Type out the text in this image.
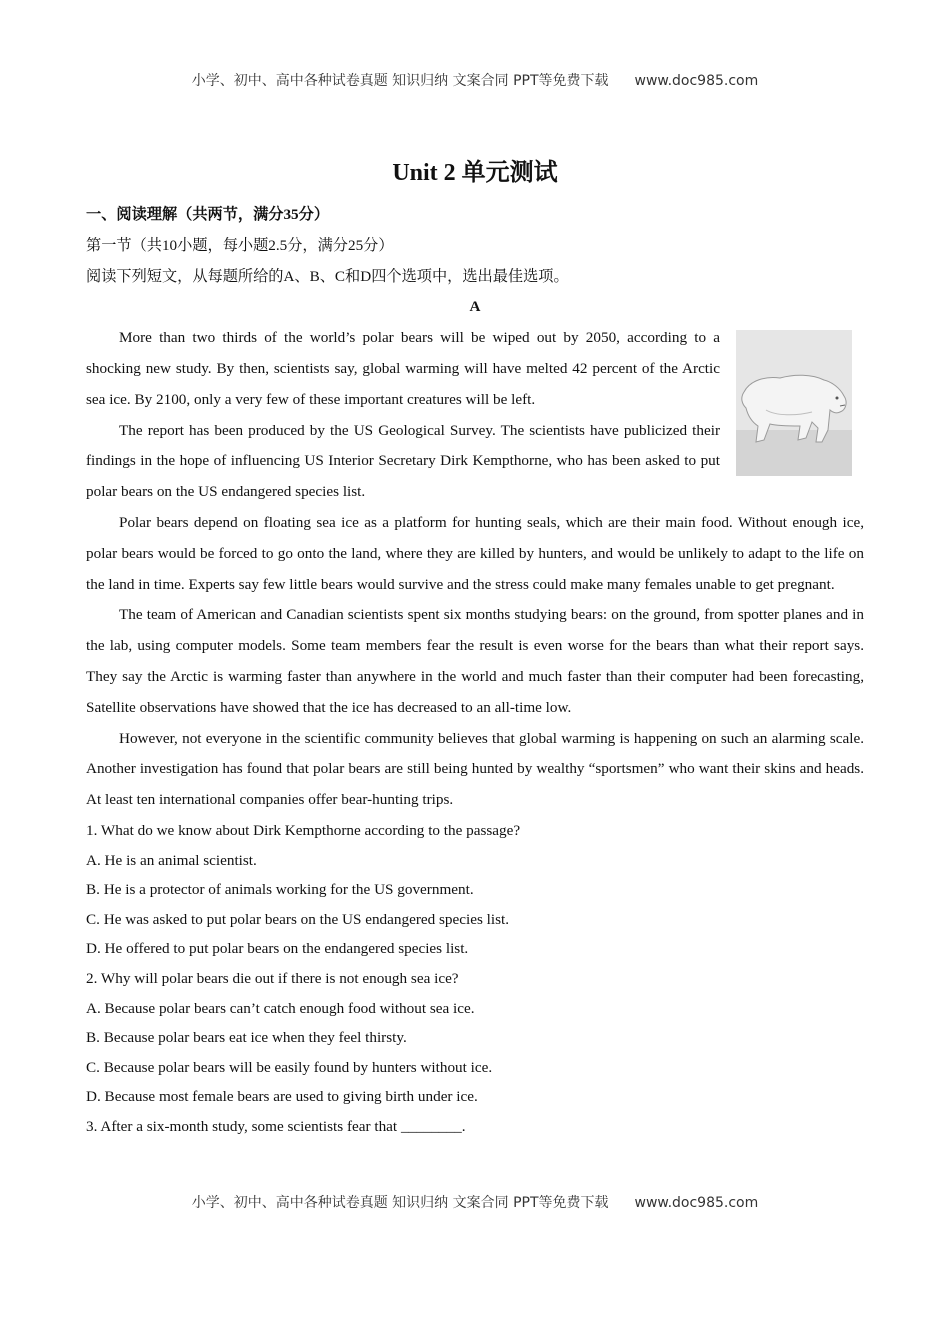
小学、初中、高中各种试卷真题 知识归纳 文案合同 PPT等免费下载 www.doc985.com
Unit 2 单元测试

一、阅读理解（共两节，满分35分）

第一节（共10小题，每小题2.5分，满分25分）

阅读下列短文，从每题所给的A、B、C和D四个选项中，选出最佳选项。

A

More than two thirds of the world’s polar bears will be wiped out by 2050, according to a shocking new study. By then, scientists say, global warming will have melted 42 percent of the Arctic sea ice. By 2100, only a very few of these important creatures will be left.

The report has been produced by the US Geological Survey. The scientists have publicized their findings in the hope of influencing US Interior Secretary Dirk Kempthorne, who has been asked to put polar bears on the US endangered species list.

Polar bears depend on floating sea ice as a platform for hunting seals, which are their main food. Without enough ice, polar bears would be forced to go onto the land, where they are killed by hunters, and would be unlikely to adapt to the life on the land in time. Experts say few little bears would survive and the stress could make many females unable to get pregnant.

The team of American and Canadian scientists spent six months studying bears: on the ground, from spotter planes and in the lab, using computer models. Some team members fear the result is even worse for the bears than what their report says. They say the Arctic is warming faster than anywhere in the world and much faster than their computer had been forecasting, Satellite observations have showed that the ice has decreased to an all-time low.

However, not everyone in the scientific community believes that global warming is happening on such an alarming scale. Another investigation has found that polar bears are still being hunted by wealthy “sportsmen” who want their skins and heads. At least ten international companies offer bear-hunting trips.

1. What do we know about Dirk Kempthorne according to the passage?

A. He is an animal scientist.

B. He is a protector of animals working for the US government.

C. He was asked to put polar bears on the US endangered species list.

D. He offered to put polar bears on the endangered species list.

2. Why will polar bears die out if there is not enough sea ice?

A. Because polar bears can’t catch enough food without sea ice.

B. Because polar bears eat ice when they feel thirsty.

C. Because polar bears will be easily found by hunters without ice.

D. Because most female bears are used to giving birth under ice.

3. After a six-month study, some scientists fear that ________.

小学、初中、高中各种试卷真题 知识归纳 文案合同 PPT等免费下载 www.doc985.com
